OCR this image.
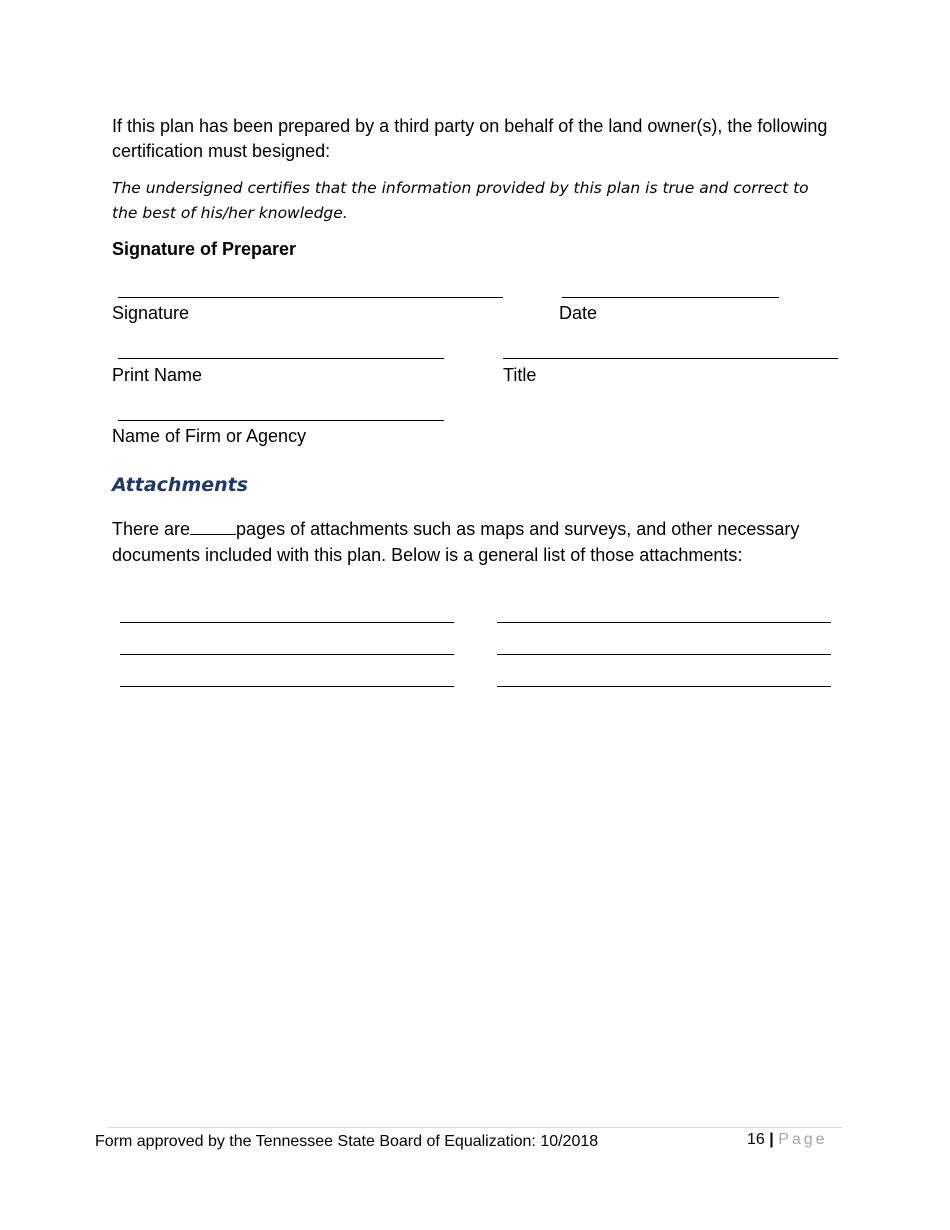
If this plan has been prepared by a third party on behalf of the land owner(s), the following certification must besigned:
The undersigned certifies that the information provided by this plan is true and correct to the best of his/her knowledge.
Signature of Preparer
Signature	Date
Print Name	Title
Name of Firm or Agency
Attachments
There are	pages of attachments such as maps and surveys, and other necessary documents included with this plan. Below is a general list of those attachments:
Form approved by the Tennessee State Board of Equalization: 10/2018	16 | Page
